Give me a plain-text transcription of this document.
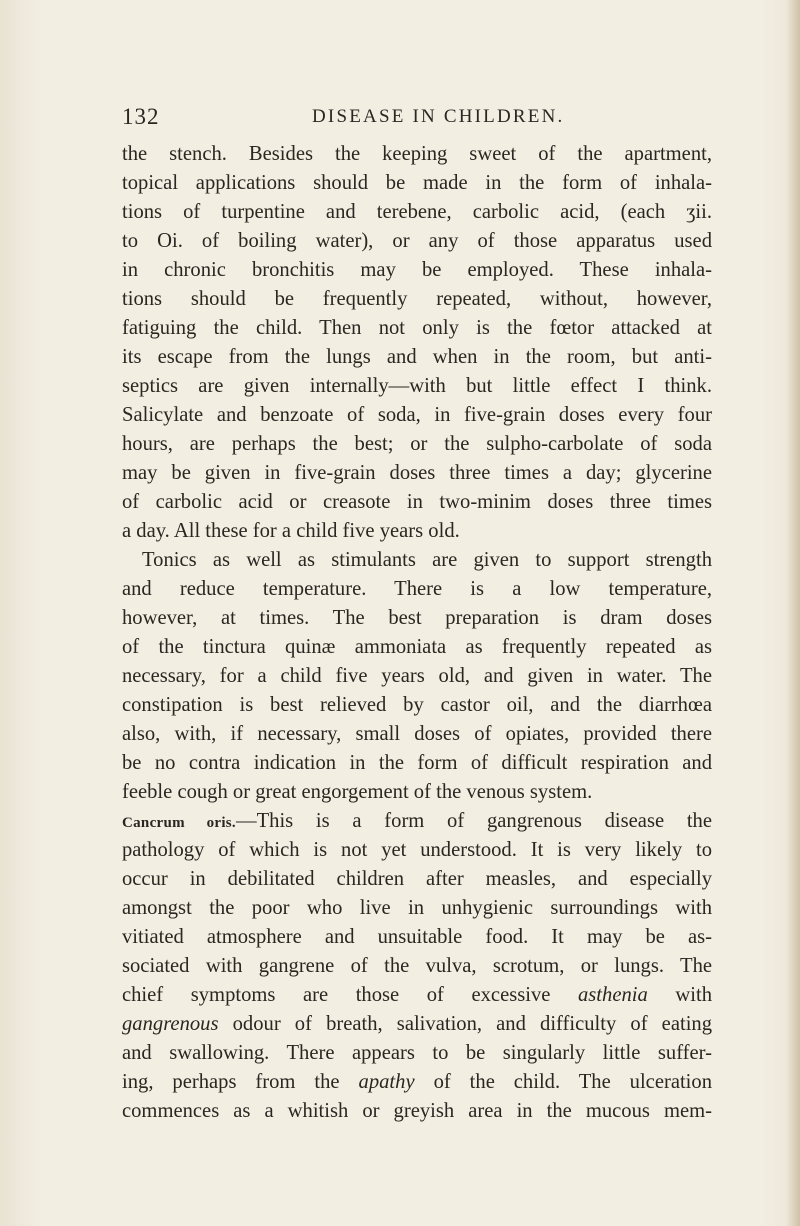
132	DISEASE IN CHILDREN.
the stench. Besides the keeping sweet of the apartment,
topical applications should be made in the form of inhala-
tions of turpentine and terebene, carbolic acid, (each ʒii.
to Oi. of boiling water), or any of those apparatus used
in chronic bronchitis may be employed. These inhala-
tions should be frequently repeated, without, however,
fatiguing the child. Then not only is the fœtor attacked at
its escape from the lungs and when in the room, but anti-
septics are given internally—with but little effect I think.
Salicylate and benzoate of soda, in five-grain doses every four
hours, are perhaps the best; or the sulpho-carbolate of soda
may be given in five-grain doses three times a day; glycerine
of carbolic acid or creasote in two-minim doses three times
a day. All these for a child five years old.
Tonics as well as stimulants are given to support strength
and reduce temperature. There is a low temperature,
however, at times. The best preparation is dram doses
of the tinctura quinæ ammoniata as frequently repeated as
necessary, for a child five years old, and given in water. The
constipation is best relieved by castor oil, and the diarrhœa
also, with, if necessary, small doses of opiates, provided there
be no contra indication in the form of difficult respiration and
feeble cough or great engorgement of the venous system.
Cancrum oris.—This is a form of gangrenous disease the
pathology of which is not yet understood. It is very likely to
occur in debilitated children after measles, and especially
amongst the poor who live in unhygienic surroundings with
vitiated atmosphere and unsuitable food. It may be as-
sociated with gangrene of the vulva, scrotum, or lungs. The
chief symptoms are those of excessive asthenia with
gangrenous odour of breath, salivation, and difficulty of eating
and swallowing. There appears to be singularly little suffer-
ing, perhaps from the apathy of the child. The ulceration
commences as a whitish or greyish area in the mucous mem-
